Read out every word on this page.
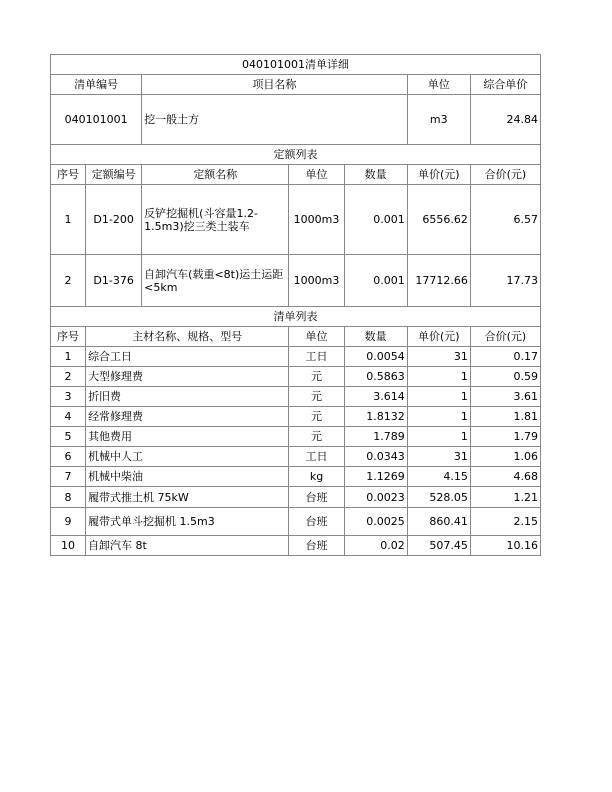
040101001清单详细						
清单编号		项目名称			单位	综合单价
040101001		挖一般土方			m3	24.84
定额列表						
序号	定额编号	定额名称	单位	数量	单价(元)	合价(元)
1	D1-200	反铲挖掘机(斗容量1.2-1.5m3)挖三类土装车	1000m3	0.001	6556.62	6.57
2	D1-376	自卸汽车(载重<8t)运土运距<5km	1000m3	0.001	17712.66	17.73
清单列表						
序号	主材名称、规格、型号		单位	数量	单价(元)	合价(元)
1	综合工日		工日	0.0054	31	0.17
2	大型修理费		元	0.5863	1	0.59
3	折旧费		元	3.614	1	3.61
4	经常修理费		元	1.8132	1	1.81
5	其他费用		元	1.789	1	1.79
6	机械中人工		工日	0.0343	31	1.06
7	机械中柴油		kg	1.1269	4.15	4.68
8	履带式推土机 75kW		台班	0.0023	528.05	1.21
9	履带式单斗挖掘机 1.5m3		台班	0.0025	860.41	2.15
10	自卸汽车 8t		台班	0.02	507.45	10.16
